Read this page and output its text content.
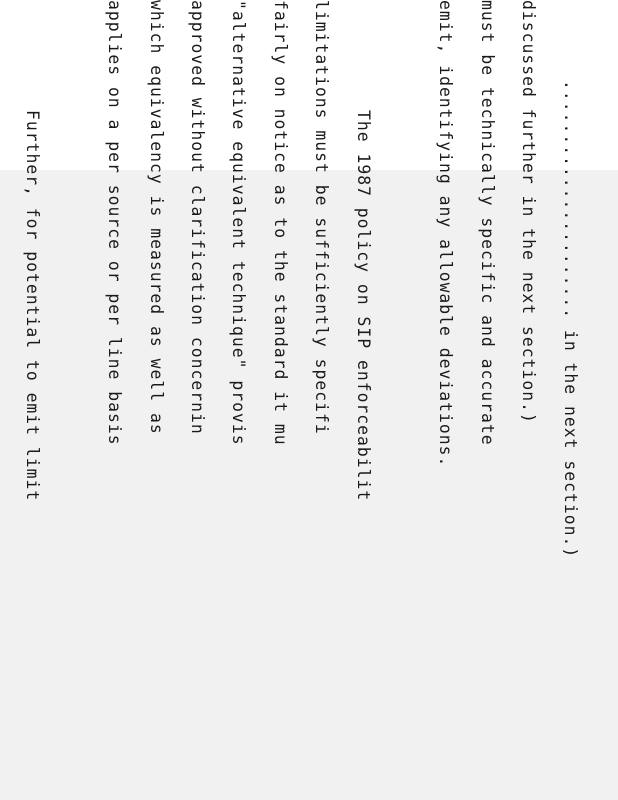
...................... in the next section.)

discussed further in the next section.)

must be technically specific and accurate

emit, identifying any allowable deviations.

The 1987 policy on SIP enforceabilit

limitations must be sufficiently specifi

fairly on notice as to the standard it mu

"alternative equivalent technique" provis

approved without clarification concernin

which equivalency is measured as well as

applies on a per source or per line basis

Further, for potential to emit limit
